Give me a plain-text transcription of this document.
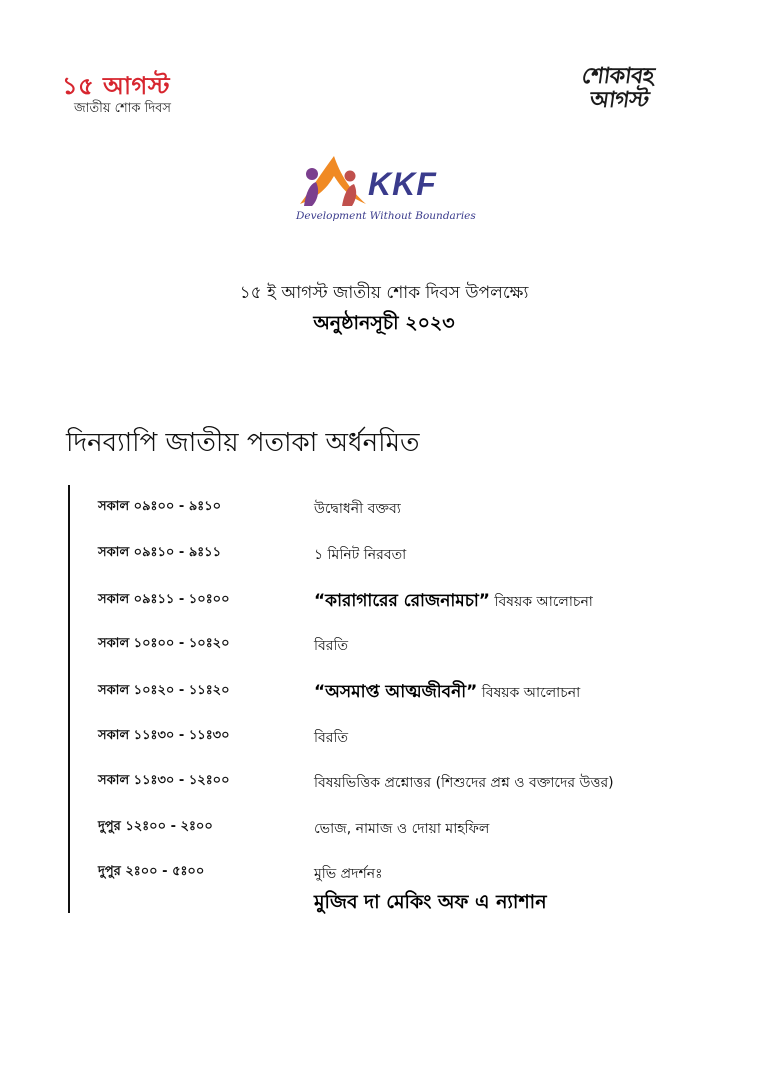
১৫ আগস্ট
জাতীয় শোক দিবস
শোকাবহ
আগস্ট
KKF
Development Without Boundaries
১৫ ই আগস্ট জাতীয় শোক দিবস উপলক্ষ্যে
অনুষ্ঠানসূচী ২০২৩
দিনব্যাপি জাতীয় পতাকা অর্ধনমিত
সকাল ০৯ঃ০০ - ৯ঃ১০	উদ্বোধনী বক্তব্য
সকাল ০৯ঃ১০ - ৯ঃ১১	১ মিনিট নিরবতা
সকাল ০৯ঃ১১ - ১০ঃ০০	“কারাগারের রোজনামচা” বিষয়ক আলোচনা
সকাল ১০ঃ০০ - ১০ঃ২০	বিরতি
সকাল ১০ঃ২০ - ১১ঃ২০	“অসমাপ্ত আত্মজীবনী” বিষয়ক আলোচনা
সকাল ১১ঃ৩০ - ১১ঃ৩০	বিরতি
সকাল ১১ঃ৩০ - ১২ঃ০০	বিষয়ভিত্তিক প্রশ্নোত্তর (শিশুদের প্রশ্ন ও বক্তাদের উত্তর)
দুপুর ১২ঃ০০ - ২ঃ০০	ভোজ, নামাজ ও দোয়া মাহফিল
দুপুর ২ঃ০০ - ৫ঃ০০	মুভি প্রদর্শনঃ
মুজিব দা মেকিং অফ এ ন্যাশান
